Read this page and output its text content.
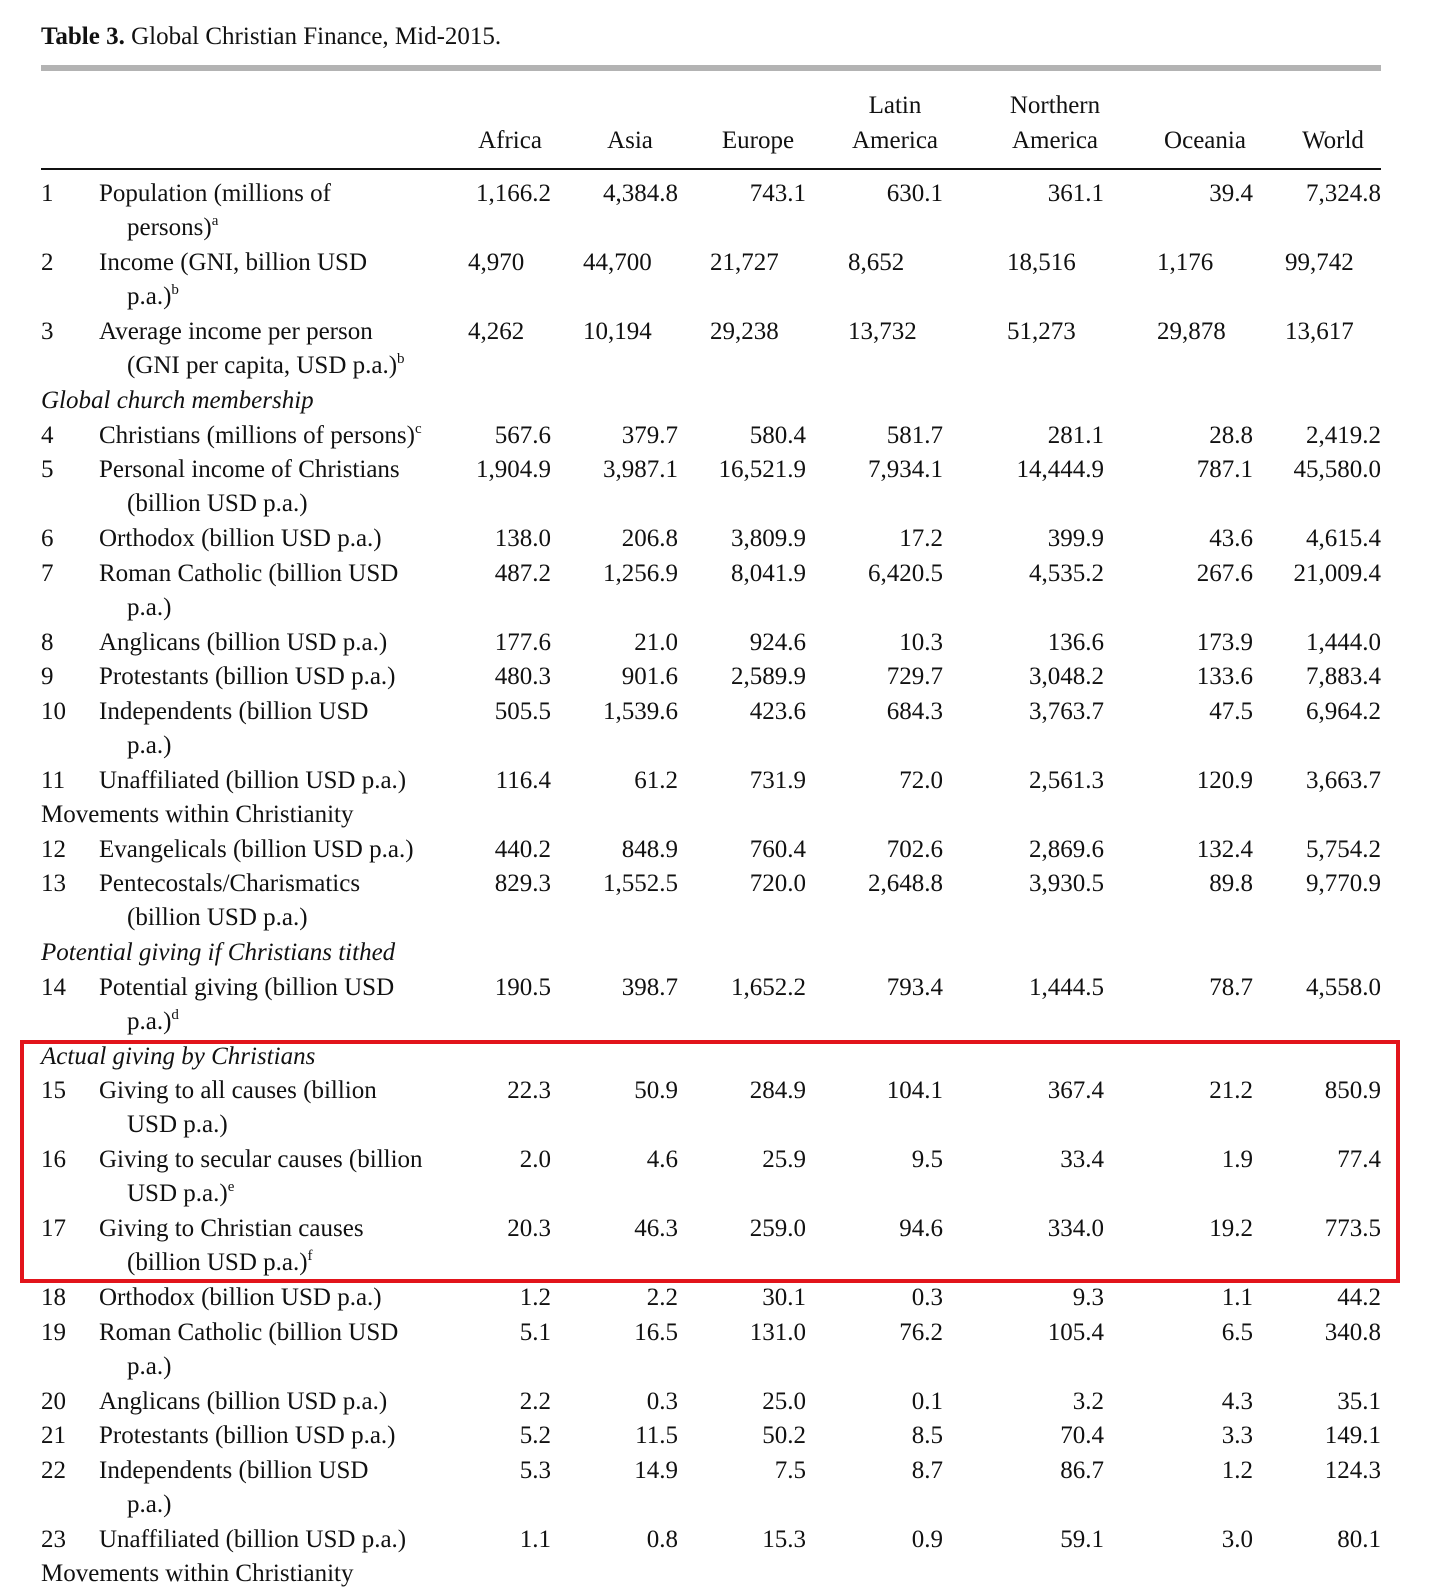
Table 3. Global Christian Finance, Mid-2015.

Africa
	Asia
	Europe
Latin
America
Northern
America
	Oceania
	World
1 Population (millions of
persons)$^a$
1,166.2	4,384.8	743.1	630.1	361.1	39.4	7,324.8
2 Income (GNI, billion USD
p.a.)$^b$
4,970 44,700 21,727	8,652	18,516	1,176	99,742
3 Average income per person
(GNI per capita, USD p.a.)$^b$
4,262 10,194 29,238	13,732	51,273	29,878 13,617
Global church membership
4 Christians (millions of persons)$^c$	567.6	379.7	580.4	581.7	281.1	28.8	2,419.2
5 Personal income of Christians
(billion USD p.a.)
1,904.9	3,987.1	16,521.9	7,934.1	14,444.9	787.1	45,580.0
6 Orthodox (billion USD p.a.)	138.0	206.8	3,809.9	17.2	399.9	43.6	4,615.4
7 Roman Catholic (billion USD
p.a.)
487.2	1,256.9	8,041.9	6,420.5	4,535.2	267.6	21,009.4
8 Anglicans (billion USD p.a.)	177.6	21.0	924.6	10.3	136.6	173.9	1,444.0
9 Protestants (billion USD p.a.)	480.3	901.6	2,589.9	729.7	3,048.2	133.6	7,883.4
10 Independents (billion USD
p.a.)
505.5	1,539.6	423.6	684.3	3,763.7	47.5	6,964.2
11 Unaffiliated (billion USD p.a.)	116.4	61.2	731.9	72.0	2,561.3	120.9	3,663.7
Movements within Christianity
12 Evangelicals (billion USD p.a.)	440.2	848.9	760.4	702.6	2,869.6	132.4	5,754.2
13 Pentecostals/Charismatics
(billion USD p.a.)
829.3	1,552.5	720.0	2,648.8	3,930.5	89.8	9,770.9
Potential giving if Christians tithed
14 Potential giving (billion USD
p.a.)$^d$
190.5	398.7	1,652.2	793.4	1,444.5	78.7	4,558.0
Actual giving by Christians
15 Giving to all causes (billion
USD p.a.)
22.3	50.9	284.9	104.1	367.4	21.2	850.9
16 Giving to secular causes (billion
USD p.a.)$^e$
2.0	4.6	25.9	9.5	33.4	1.9	77.4
17 Giving to Christian causes
(billion USD p.a.)$^f$
20.3	46.3	259.0	94.6	334.0	19.2	773.5
18 Orthodox (billion USD p.a.)	1.2	2.2	30.1	0.3	9.3	1.1	44.2
19 Roman Catholic (billion USD
p.a.)
5.1	16.5	131.0	76.2	105.4	6.5	340.8
20 Anglicans (billion USD p.a.)	2.2	0.3	25.0	0.1	3.2	4.3	35.1
21 Protestants (billion USD p.a.)	5.2	11.5	50.2	8.5	70.4	3.3	149.1
22 Independents (billion USD
p.a.)
5.3	14.9	7.5	8.7	86.7	1.2	124.3
23 Unaffiliated (billion USD p.a.)	1.1	0.8	15.3	0.9	59.1	3.0	80.1
Movements within Christianity
